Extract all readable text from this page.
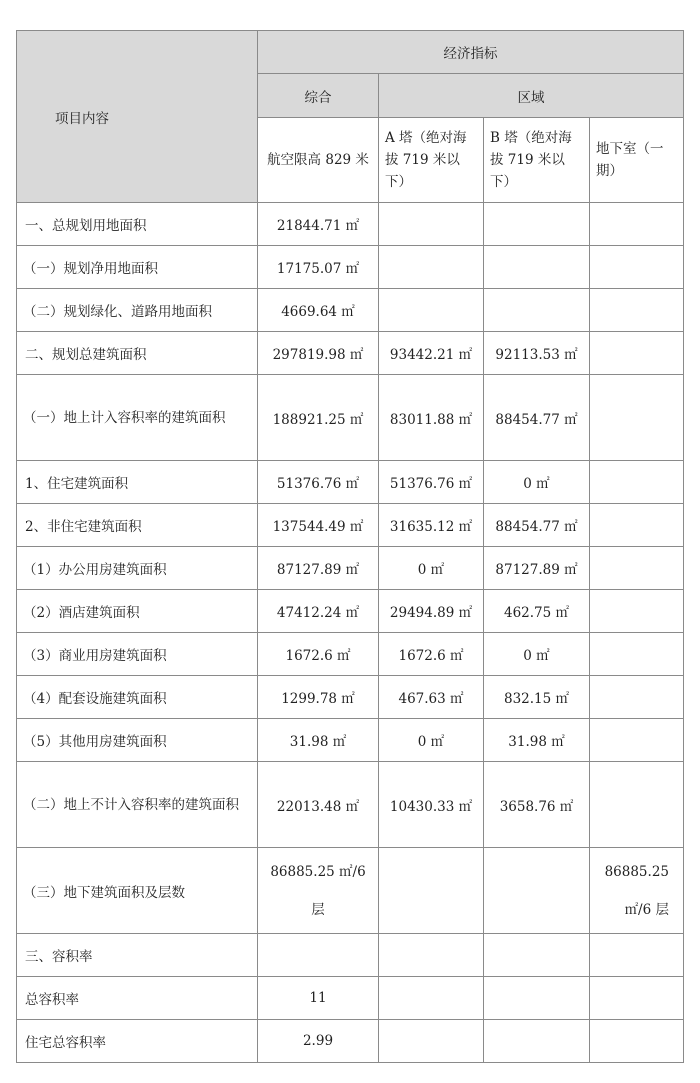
项目内容	经济指标			
	综合	区域		
	航空限高 829 米	A 塔（绝对海拔 719 米以下）	B 塔（绝对海拔 719 米以下）	地下室（一期）
一、总规划用地面积	21844.71 ㎡			
（一）规划净用地面积	17175.07 ㎡			
（二）规划绿化、道路用地面积	4669.64 ㎡			
二、规划总建筑面积	297819.98 ㎡	93442.21 ㎡	92113.53 ㎡	
（一）地上计入容积率的建筑面积	188921.25 ㎡	83011.88 ㎡	88454.77 ㎡	
1、住宅建筑面积	51376.76 ㎡	51376.76 ㎡	0 ㎡	
2、非住宅建筑面积	137544.49 ㎡	31635.12 ㎡	88454.77 ㎡	
（1）办公用房建筑面积	87127.89 ㎡	0 ㎡	87127.89 ㎡	
（2）酒店建筑面积	47412.24 ㎡	29494.89 ㎡	462.75 ㎡	
（3）商业用房建筑面积	1672.6 ㎡	1672.6 ㎡	0 ㎡	
（4）配套设施建筑面积	1299.78 ㎡	467.63 ㎡	832.15 ㎡	
（5）其他用房建筑面积	31.98 ㎡	0 ㎡	31.98 ㎡	
（二）地上不计入容积率的建筑面积	22013.48 ㎡	10430.33 ㎡	3658.76 ㎡	
（三）地下建筑面积及层数	86885.25 ㎡/6 层			86885.25 ㎡/6 层
三、容积率				
总容积率	11			
住宅总容积率	2.99			
